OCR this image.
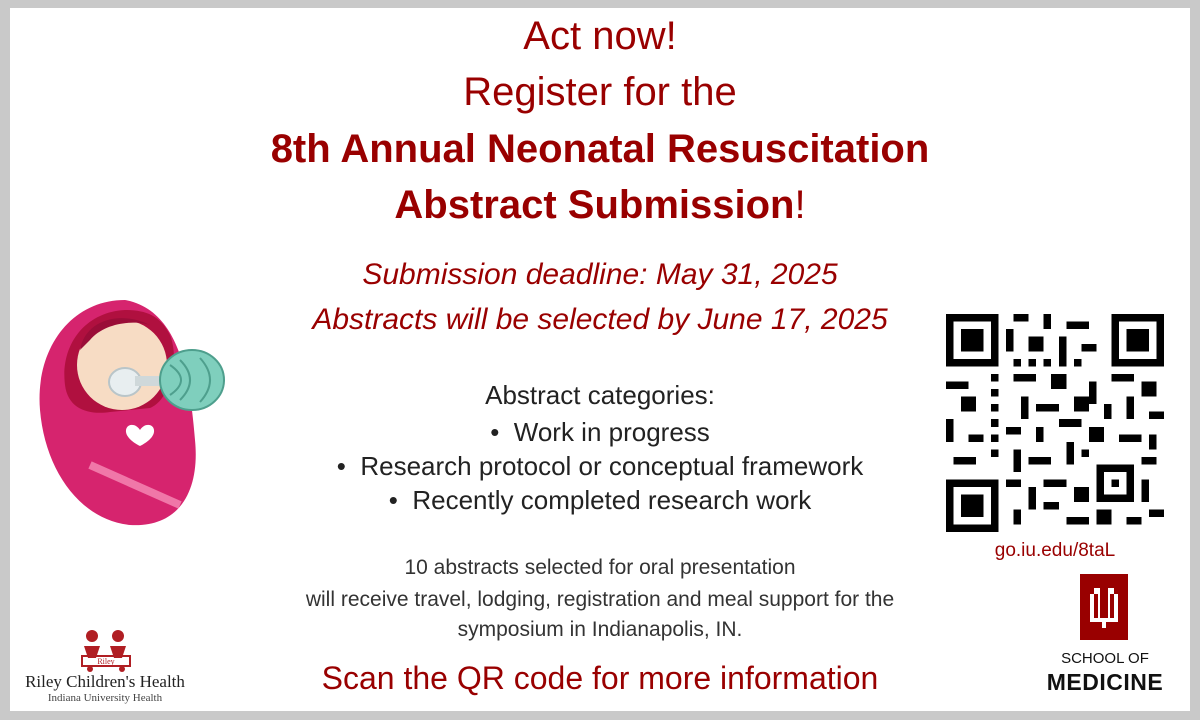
Act now!
Register for the
8th Annual Neonatal Resuscitation
Abstract Submission!
Submission deadline: May 31, 2025
Abstracts will be selected by June 17, 2025
Abstract categories:
•  Work in progress
•  Research protocol or conceptual framework
•  Recently completed research work
10 abstracts selected for oral presentation
will receive travel, lodging, registration and meal support for the
symposium in Indianapolis, IN.
Scan the QR code for more information
go.iu.edu/8taL
SCHOOL OF
MEDICINE
Riley
Riley Children's Health
Indiana University Health
